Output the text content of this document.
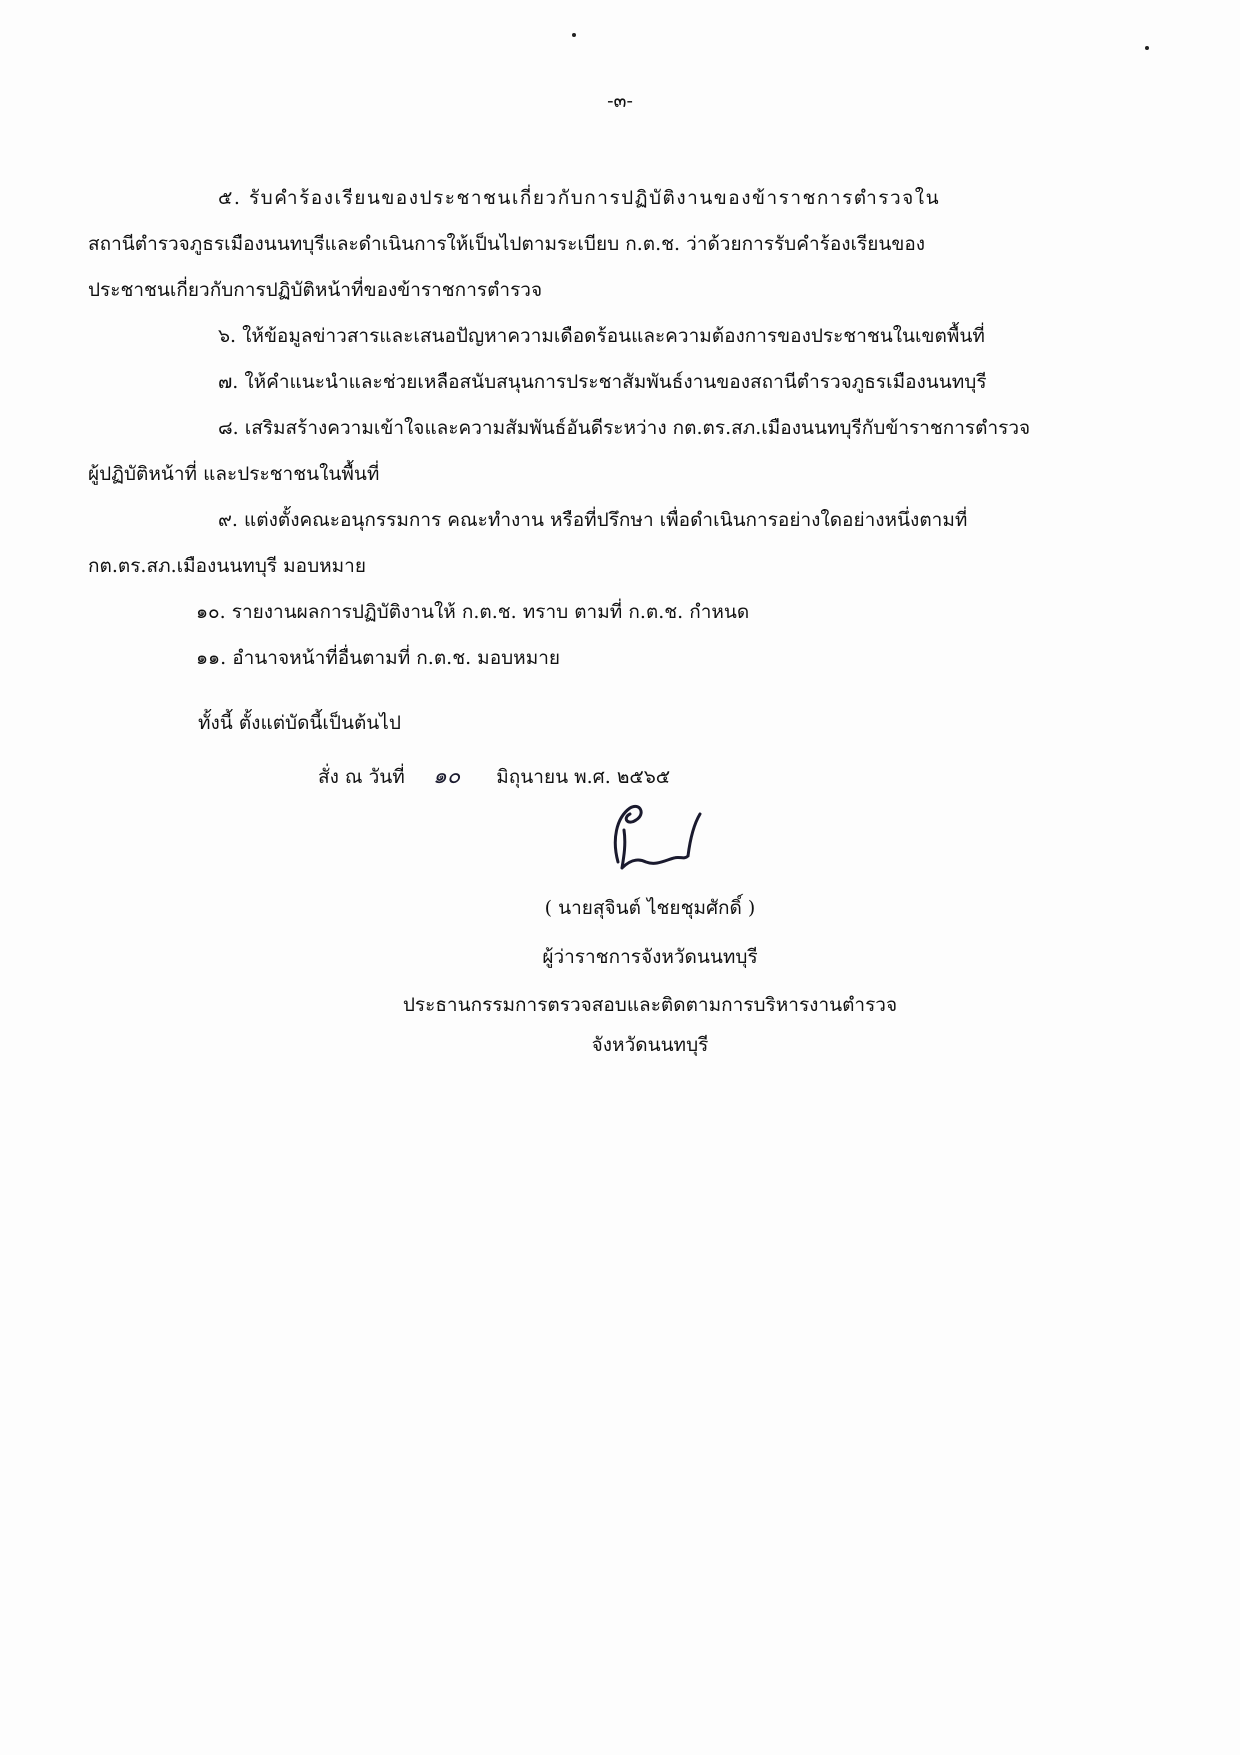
-๓-
๕. รับคำร้องเรียนของประชาชนเกี่ยวกับการปฏิบัติงานของข้าราชการตำรวจใน
สถานีตำรวจภูธรเมืองนนทบุรีและดำเนินการให้เป็นไปตามระเบียบ ก.ต.ช. ว่าด้วยการรับคำร้องเรียนของ
ประชาชนเกี่ยวกับการปฏิบัติหน้าที่ของข้าราชการตำรวจ
๖. ให้ข้อมูลข่าวสารและเสนอปัญหาความเดือดร้อนและความต้องการของประชาชนในเขตพื้นที่
๗. ให้คำแนะนำและช่วยเหลือสนับสนุนการประชาสัมพันธ์งานของสถานีตำรวจภูธรเมืองนนทบุรี
๘. เสริมสร้างความเข้าใจและความสัมพันธ์อันดีระหว่าง กต.ตร.สภ.เมืองนนทบุรีกับข้าราชการตำรวจ
ผู้ปฏิบัติหน้าที่ และประชาชนในพื้นที่
๙. แต่งตั้งคณะอนุกรรมการ คณะทำงาน หรือที่ปรึกษา เพื่อดำเนินการอย่างใดอย่างหนึ่งตามที่
กต.ตร.สภ.เมืองนนทบุรี มอบหมาย
๑๐. รายงานผลการปฏิบัติงานให้ ก.ต.ช. ทราบ ตามที่ ก.ต.ช. กำหนด
๑๑. อำนาจหน้าที่อื่นตามที่ ก.ต.ช. มอบหมาย
ทั้งนี้ ตั้งแต่บัดนี้เป็นต้นไป
สั่ง ณ วันที่ ๑๐ มิถุนายน พ.ศ. ๒๕๖๕
( นายสุจินต์ ไชยชุมศักดิ์ )
ผู้ว่าราชการจังหวัดนนทบุรี
ประธานกรรมการตรวจสอบและติดตามการบริหารงานตำรวจ
จังหวัดนนทบุรี
